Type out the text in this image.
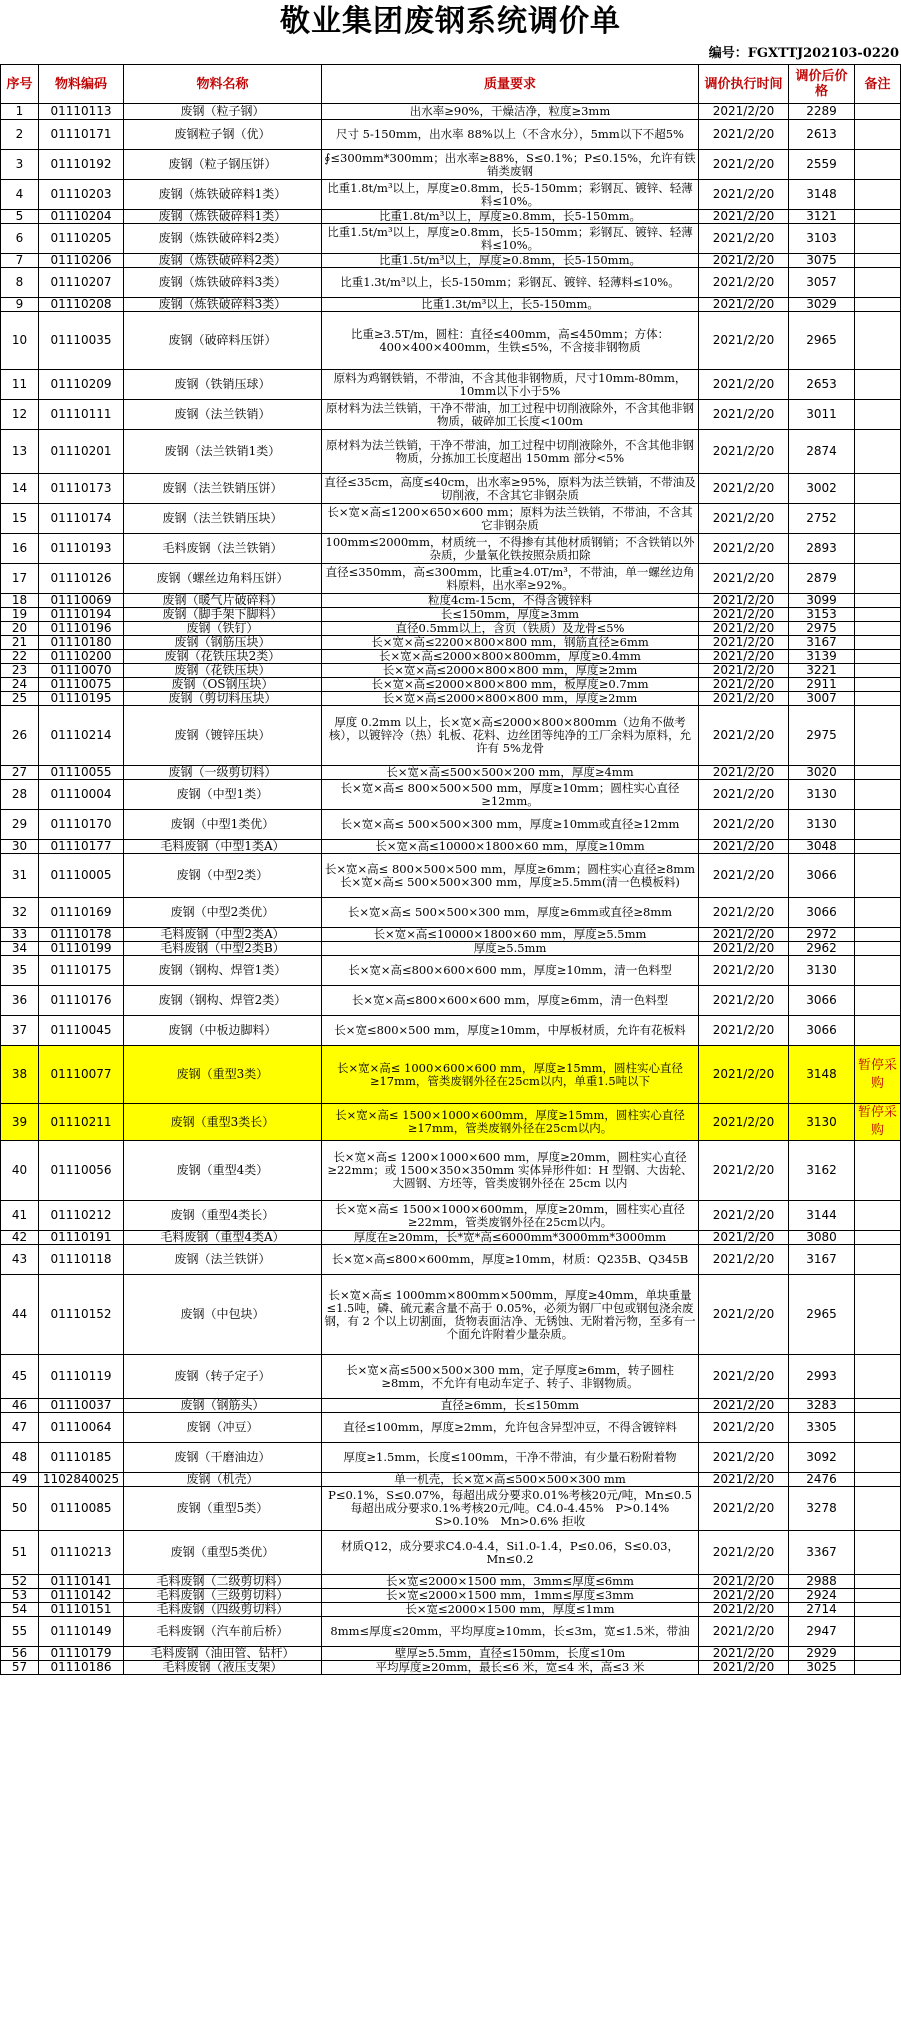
敬业集团废钢系统调价单
编号：FGXTTJ202103-0220
序号	物料编码	物料名称	质量要求	调价执行时间	调价后价格	备注
1	01110113	废钢（粒子钢）	出水率≥90%，干燥洁净，粒度≥3mm	2021/2/20	2289	
2	01110171	废钢粒子钢（优）	尺寸 5-150mm，出水率 88%以上（不含水分），5mm以下不超5%	2021/2/20	2613	
3	01110192	废钢（粒子钢压饼）	∮≤300mm*300mm；出水率≥88%，S≤0.1%；P≤0.15%，允许有铁销类废钢	2021/2/20	2559	
4	01110203	废钢（炼铁破碎料1类）	比重1.8t/m³以上，厚度≥0.8mm，长5-150mm；彩钢瓦、镀锌、轻薄料≤10%。	2021/2/20	3148	
5	01110204	废钢（炼铁破碎料1类）	比重1.8t/m³以上，厚度≥0.8mm，长5-150mm。	2021/2/20	3121	
6	01110205	废钢（炼铁破碎料2类）	比重1.5t/m³以上，厚度≥0.8mm，长5-150mm；彩钢瓦、镀锌、轻薄料≤10%。	2021/2/20	3103	
7	01110206	废钢（炼铁破碎料2类）	比重1.5t/m³以上，厚度≥0.8mm，长5-150mm。	2021/2/20	3075	
8	01110207	废钢（炼铁破碎料3类）	比重1.3t/m³以上，长5-150mm；彩钢瓦、镀锌、轻薄料≤10%。	2021/2/20	3057	
9	01110208	废钢（炼铁破碎料3类）	比重1.3t/m³以上，长5-150mm。	2021/2/20	3029	
10	01110035	废钢（破碎料压饼）	比重≥3.5T/m，圆柱：直径≤400mm，高≤450mm；方体：400×400×400mm，生铁≤5%，不含接非钢物质	2021/2/20	2965	
11	01110209	废钢（铁销压球）	原料为鸡钢铁销，不带油，不含其他非钢物质，尺寸10mm-80mm，10mm以下小于5%	2021/2/20	2653	
12	01110111	废钢（法兰铁销）	原材料为法兰铁销，干净不带油，加工过程中切削液除外，不含其他非钢物质，破碎加工长度<100m	2021/2/20	3011	
13	01110201	废钢（法兰铁销1类）	原材料为法兰铁销，干净不带油，加工过程中切削液除外，不含其他非钢物质，分拣加工长度超出 150mm 部分<5%	2021/2/20	2874	
14	01110173	废钢（法兰铁销压饼）	直径≤35cm，高度≤40cm，出水率≥95%，原料为法兰铁销，不带油及切削液，不含其它非钢杂质	2021/2/20	3002	
15	01110174	废钢（法兰铁销压块）	长×宽×高≤1200×650×600 mm；原料为法兰铁销，不带油，不含其它非钢杂质	2021/2/20	2752	
16	01110193	毛料废钢（法兰铁销）	100mm≤2000mm，材质统一，不得掺有其他材质钢销；不含铁销以外杂质，少量氧化铁按照杂质扣除	2021/2/20	2893	
17	01110126	废钢（螺丝边角料压饼）	直径≤350mm，高≤300mm，比重≥4.0T/m³，不带油，单一螺丝边角料原料，出水率≥92%。	2021/2/20	2879	
18	01110069	废钢（暖气片破碎料）	粒度4cm-15cm，不得含镀锌料	2021/2/20	3099	
19	01110194	废钢（脚手架下脚料）	长≤150mm，厚度≥3mm	2021/2/20	3153	
20	01110196	废钢（铁钉）	直径0.5mm以上，含页（铁质）及龙骨≤5%	2021/2/20	2975	
21	01110180	废钢（钢筋压块）	长×宽×高≤2200×800×800 mm，钢筋直径≥6mm	2021/2/20	3167	
22	01110200	废钢（花铁压块2类）	长×宽×高≤2000×800×800mm，厚度≥0.4mm	2021/2/20	3139	
23	01110070	废钢（花铁压块）	长×宽×高≤2000×800×800 mm，厚度≥2mm	2021/2/20	3221	
24	01110075	废钢（OS钢压块）	长×宽×高≤2000×800×800 mm，板厚度≥0.7mm	2021/2/20	2911	
25	01110195	废钢（剪切料压块）	长×宽×高≤2000×800×800 mm，厚度≥2mm	2021/2/20	3007	
26	01110214	废钢（镀锌压块）	厚度 0.2mm 以上，长×宽×高≤2000×800×800mm（边角不做考核），以镀锌冷（热）轧板、花料、边丝团等纯净的工厂余料为原料，允许有 5%龙骨	2021/2/20	2975	
27	01110055	废钢（一级剪切料）	长×宽×高≤500×500×200 mm，厚度≥4mm	2021/2/20	3020	
28	01110004	废钢（中型1类）	长×宽×高≤ 800×500×500 mm，厚度≥10mm；圆柱实心直径≥12mm。	2021/2/20	3130	
29	01110170	废钢（中型1类优）	长×宽×高≤ 500×500×300 mm，厚度≥10mm或直径≥12mm	2021/2/20	3130	
30	01110177	毛料废钢（中型1类A）	长×宽×高≤10000×1800×60 mm，厚度≥10mm	2021/2/20	3048	
31	01110005	废钢（中型2类）	长×宽×高≤ 800×500×500 mm，厚度≥6mm；圆柱实心直径≥8mm　长×宽×高≤ 500×500×300 mm，厚度≥5.5mm(清一色模板料)	2021/2/20	3066	
32	01110169	废钢（中型2类优）	长×宽×高≤ 500×500×300 mm，厚度≥6mm或直径≥8mm	2021/2/20	3066	
33	01110178	毛料废钢（中型2类A）	长×宽×高≤10000×1800×60 mm，厚度≥5.5mm	2021/2/20	2972	
34	01110199	毛料废钢（中型2类B）	厚度≥5.5mm	2021/2/20	2962	
35	01110175	废钢（钢构、焊管1类）	长×宽×高≤800×600×600 mm，厚度≥10mm，清一色料型	2021/2/20	3130	
36	01110176	废钢（钢构、焊管2类）	长×宽×高≤800×600×600 mm，厚度≥6mm，清一色料型	2021/2/20	3066	
37	01110045	废钢（中板边脚料）	长×宽≤800×500 mm，厚度≥10mm，中厚板材质，允许有花板料	2021/2/20	3066	
38	01110077	废钢（重型3类）	长×宽×高≤ 1000×600×600 mm，厚度≥15mm，圆柱实心直径≥17mm，管类废钢外径在25cm以内，单重1.5吨以下	2021/2/20	3148	暂停采购
39	01110211	废钢（重型3类长）	长×宽×高≤ 1500×1000×600mm，厚度≥15mm，圆柱实心直径≥17mm，管类废钢外径在25cm以内。	2021/2/20	3130	暂停采购
40	01110056	废钢（重型4类）	长×宽×高≤ 1200×1000×600 mm，厚度≥20mm，圆柱实心直径≥22mm；或 1500×350×350mm 实体异形件如：H 型钢、大齿轮、大圆钢、方坯等，管类废钢外径在 25cm 以内	2021/2/20	3162	
41	01110212	废钢（重型4类长）	长×宽×高≤ 1500×1000×600mm，厚度≥20mm，圆柱实心直径≥22mm，管类废钢外径在25cm以内。	2021/2/20	3144	
42	01110191	毛料废钢（重型4类A）	厚度在≥20mm，长*宽*高≤6000mm*3000mm*3000mm	2021/2/20	3080	
43	01110118	废钢（法兰铁饼）	长×宽×高≤800×600mm，厚度≥10mm，材质：Q235B、Q345B	2021/2/20	3167	
44	01110152	废钢（中包块）	长×宽×高≤ 1000mm×800mm×500mm，厚度≥40mm，单块重量≤1.5吨，磷、硫元素含量不高于 0.05%，必须为钢厂中包或钢包浇余废钢，有 2 个以上切割面，货物表面洁净、无锈蚀、无附着污物，至多有一个面允许附着少量杂质。	2021/2/20	2965	
45	01110119	废钢（转子定子）	长×宽×高≤500×500×300 mm，定子厚度≥6mm，转子圆柱≥8mm，不允许有电动车定子、转子、非钢物质。	2021/2/20	2993	
46	01110037	废钢（钢筋头）	直径≥6mm，长≤150mm	2021/2/20	3283	
47	01110064	废钢（冲豆）	直径≤100mm，厚度≥2mm，允许包含异型冲豆，不得含镀锌料	2021/2/20	3305	
48	01110185	废钢（干磨油边）	厚度≥1.5mm，长度≤100mm，干净不带油，有少量石粉附着物	2021/2/20	3092	
49	1102840025	废钢（机壳）	单一机壳，长×宽×高≤500×500×300 mm	2021/2/20	2476	
50	01110085	废钢（重型5类）	P≤0.1%，S≤0.07%，每超出成分要求0.01%考核20元/吨，Mn≤0.5每超出成分要求0.1%考核20元/吨。C4.0-4.45%　P>0.14%　S>0.10%　Mn>0.6% 拒收	2021/2/20	3278	
51	01110213	废钢（重型5类优）	材质Q12，成分要求C4.0-4.4，Si1.0-1.4，P≤0.06，S≤0.03，Mn≤0.2	2021/2/20	3367	
52	01110141	毛料废钢（二级剪切料）	长×宽≤2000×1500 mm，3mm≤厚度≤6mm	2021/2/20	2988	
53	01110142	毛料废钢（三级剪切料）	长×宽≤2000×1500 mm，1mm≤厚度≤3mm	2021/2/20	2924	
54	01110151	毛料废钢（四级剪切料）	长×宽≤2000×1500 mm，厚度≤1mm	2021/2/20	2714	
55	01110149	毛料废钢（汽车前后桥）	8mm≤厚度≤20mm，平均厚度≥10mm，长≤3m，宽≤1.5米，带油	2021/2/20	2947	
56	01110179	毛料废钢（油田管、钻杆）	壁厚≥5.5mm，直径≤150mm，长度≤10m	2021/2/20	2929	
57	01110186	毛料废钢（液压支架）	平均厚度≥20mm，最长≤6 米，宽≤4 米，高≤3 米	2021/2/20	3025	
